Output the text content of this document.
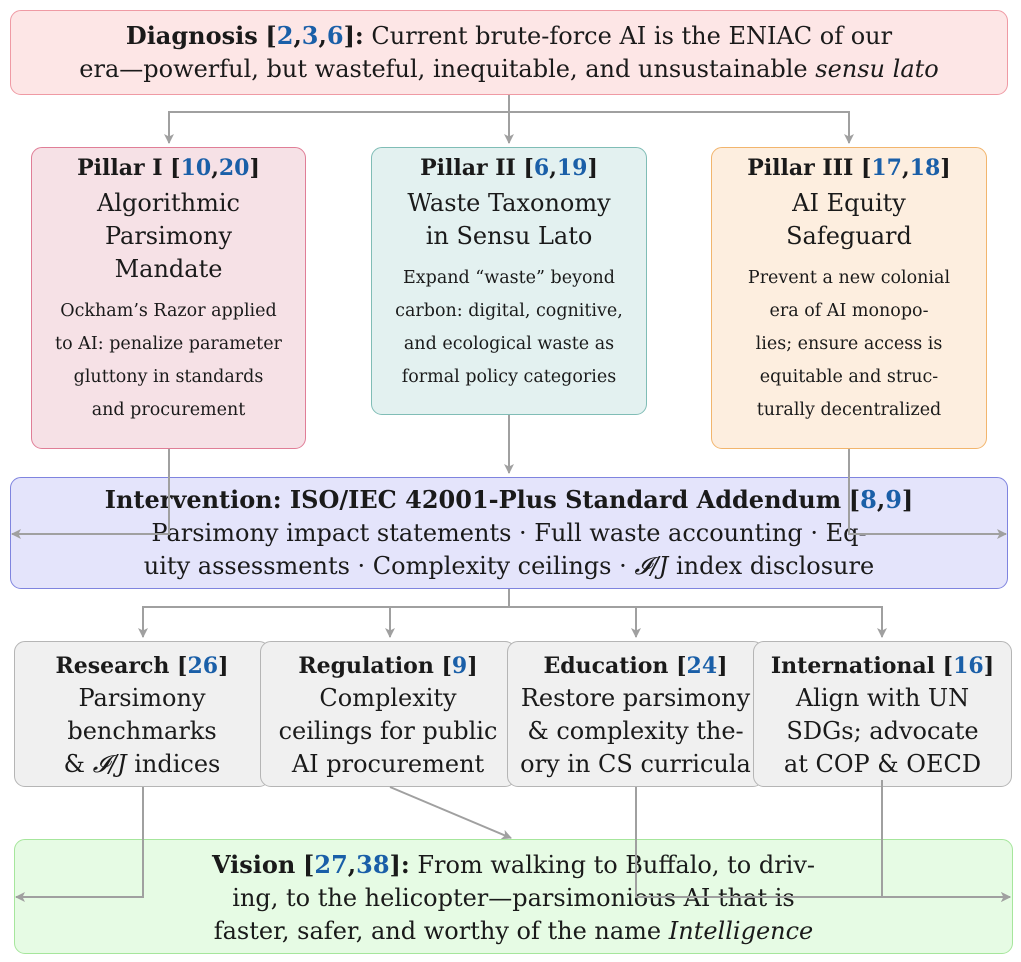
Diagnosis [2,3,6]: Current brute-force AI is the ENIAC of our
era—powerful, but wasteful, inequitable, and unsustainable sensu lato
Pillar I [10,20]
Algorithmic
Parsimony
Mandate
Ockham’s Razor applied
to AI: penalize parameter
gluttony in standards
and procurement
Pillar II [6,19]
Waste Taxonomy
in Sensu Lato
Expand “waste” beyond
carbon: digital, cognitive,
and ecological waste as
formal policy categories
Pillar III [17,18]
AI Equity
Safeguard
Prevent a new colonial
era of AI monopo-
lies; ensure access is
equitable and struc-
turally decentralized
Intervention: ISO/IEC 42001-Plus Standard Addendum [8,9]
Parsimony impact statements · Full waste accounting · Eq-
uity assessments · Complexity ceilings · 𝓘/𝐽 index disclosure
Research [26]
Parsimony
benchmarks
& 𝓘/𝐽 indices
Regulation [9]
Complexity
ceilings for public
AI procurement
Education [24]
Restore parsimony
& complexity the-
ory in CS curricula
International [16]
Align with UN
SDGs; advocate
at COP & OECD
Vision [27,38]: From walking to Buffalo, to driv-
ing, to the helicopter—parsimonious AI that is
faster, safer, and worthy of the name Intelligence
